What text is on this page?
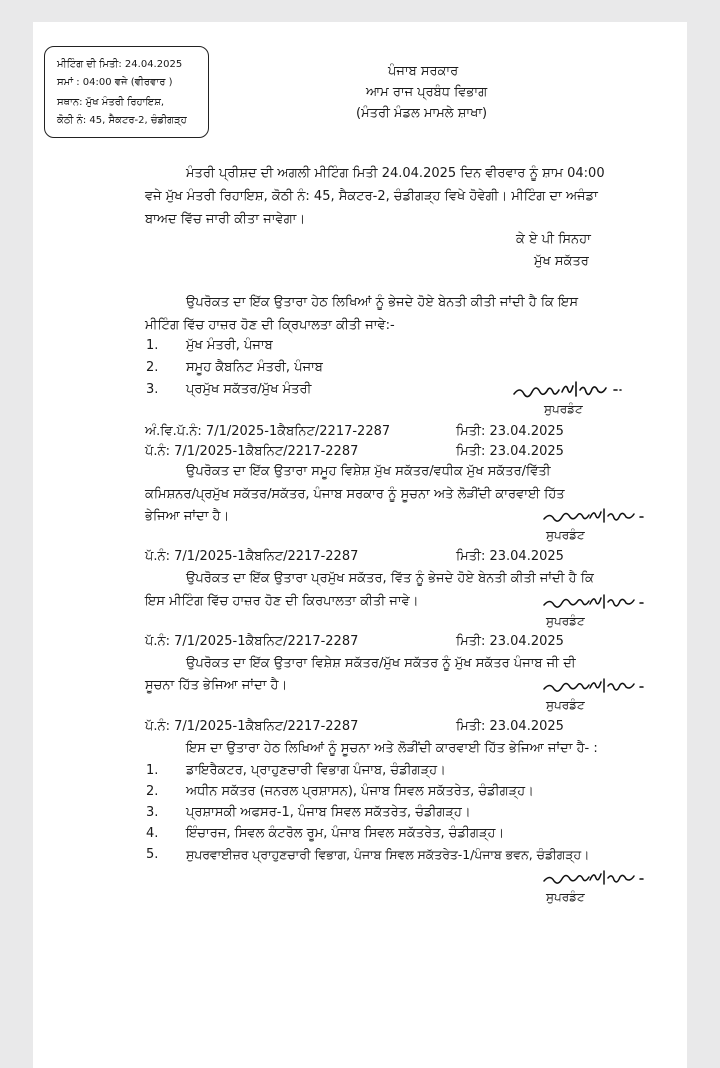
ਮੀਟਿੰਗ ਦੀ ਮਿਤੀ: 24.04.2025
ਸਮਾਂ : 04:00 ਵਜੇ (ਵੀਰਵਾਰ )
ਸਥਾਨ: ਮੁੱਖ ਮੰਤਰੀ ਰਿਹਾਇਸ਼,
ਕੋਠੀ ਨੰ: 45, ਸੈਕਟਰ-2, ਚੰਡੀਗੜ੍ਹ
ਪੰਜਾਬ ਸਰਕਾਰ
ਆਮ ਰਾਜ ਪ੍ਰਬੰਧ ਵਿਭਾਗ
(ਮੰਤਰੀ ਮੰਡਲ ਮਾਮਲੇ ਸ਼ਾਖਾ)
ਮੰਤਰੀ ਪ੍ਰੀਸ਼ਦ ਦੀ ਅਗਲੀ ਮੀਟਿੰਗ ਮਿਤੀ 24.04.2025 ਦਿਨ ਵੀਰਵਾਰ ਨੂੰ ਸ਼ਾਮ 04:00
ਵਜੇ ਮੁੱਖ ਮੰਤਰੀ ਰਿਹਾਇਸ਼, ਕੋਠੀ ਨੰ: 45, ਸੈਕਟਰ-2, ਚੰਡੀਗੜ੍ਹ ਵਿਖੇ ਹੋਵੇਗੀ। ਮੀਟਿੰਗ ਦਾ ਅਜੰਡਾ
ਬਾਅਦ ਵਿੱਚ ਜਾਰੀ ਕੀਤਾ ਜਾਵੇਗਾ।
ਕੇ ਏ ਪੀ ਸਿਨਹਾ
ਮੁੱਖ ਸਕੱਤਰ
ਉਪਰੋਕਤ ਦਾ ਇੱਕ ਉਤਾਰਾ ਹੇਠ ਲਿਖਿਆਂ ਨੂੰ ਭੇਜਦੇ ਹੋਏ ਬੇਨਤੀ ਕੀਤੀ ਜਾਂਦੀ ਹੈ ਕਿ ਇਸ
ਮੀਟਿੰਗ ਵਿੱਚ ਹਾਜ਼ਰ ਹੋਣ ਦੀ ਕ੍ਰਿਪਾਲਤਾ ਕੀਤੀ ਜਾਵੇ:-
1. ਮੁੱਖ ਮੰਤਰੀ, ਪੰਜਾਬ
2. ਸਮੂਹ ਕੈਬਨਿਟ ਮੰਤਰੀ, ਪੰਜਾਬ
3. ਪ੍ਰਮੁੱਖ ਸਕੱਤਰ/ਮੁੱਖ ਮੰਤਰੀ
ਸੁਪਰਡੰਟ
ਅੰ.ਵਿ.ਪੱ.ਨੰ: 7/1/2025-1ਕੈਬਨਿਟ/2217-2287	ਮਿਤੀ: 23.04.2025
ਪੱ.ਨੰ: 7/1/2025-1ਕੈਬਨਿਟ/2217-2287	ਮਿਤੀ: 23.04.2025
ਉਪਰੋਕਤ ਦਾ ਇੱਕ ਉਤਾਰਾ ਸਮੂਹ ਵਿਸ਼ੇਸ਼ ਮੁੱਖ ਸਕੱਤਰ/ਵਧੀਕ ਮੁੱਖ ਸਕੱਤਰ/ਵਿੱਤੀ
ਕਮਿਸ਼ਨਰ/ਪ੍ਰਮੁੱਖ ਸਕੱਤਰ/ਸਕੱਤਰ, ਪੰਜਾਬ ਸਰਕਾਰ ਨੂੰ ਸੂਚਨਾ ਅਤੇ ਲੋੜੀਂਦੀ ਕਾਰਵਾਈ ਹਿੱਤ
ਭੇਜਿਆ ਜਾਂਦਾ ਹੈ।
ਸੁਪਰਡੰਟ
ਪੱ.ਨੰ: 7/1/2025-1ਕੈਬਨਿਟ/2217-2287	ਮਿਤੀ: 23.04.2025
ਉਪਰੋਕਤ ਦਾ ਇੱਕ ਉਤਾਰਾ ਪ੍ਰਮੁੱਖ ਸਕੱਤਰ, ਵਿੱਤ ਨੂੰ ਭੇਜਦੇ ਹੋਏ ਬੇਨਤੀ ਕੀਤੀ ਜਾਂਦੀ ਹੈ ਕਿ
ਇਸ ਮੀਟਿੰਗ ਵਿੱਚ ਹਾਜ਼ਰ ਹੋਣ ਦੀ ਕਿਰਪਾਲਤਾ ਕੀਤੀ ਜਾਵੇ।
ਸੁਪਰਡੰਟ
ਪੱ.ਨੰ: 7/1/2025-1ਕੈਬਨਿਟ/2217-2287	ਮਿਤੀ: 23.04.2025
ਉਪਰੋਕਤ ਦਾ ਇੱਕ ਉਤਾਰਾ ਵਿਸ਼ੇਸ਼ ਸਕੱਤਰ/ਮੁੱਖ ਸਕੱਤਰ ਨੂੰ ਮੁੱਖ ਸਕੱਤਰ ਪੰਜਾਬ ਜੀ ਦੀ
ਸੂਚਨਾ ਹਿੱਤ ਭੇਜਿਆ ਜਾਂਦਾ ਹੈ।
ਸੁਪਰਡੰਟ
ਪੱ.ਨੰ: 7/1/2025-1ਕੈਬਨਿਟ/2217-2287	ਮਿਤੀ: 23.04.2025
ਇਸ ਦਾ ਉਤਾਰਾ ਹੇਠ ਲਿਖਿਆਂ ਨੂੰ ਸੂਚਨਾ ਅਤੇ ਲੋੜੀਂਦੀ ਕਾਰਵਾਈ ਹਿੱਤ ਭੇਜਿਆ ਜਾਂਦਾ ਹੈ- :
1. ਡਾਇਰੈਕਟਰ, ਪ੍ਰਾਹੁਣਚਾਰੀ ਵਿਭਾਗ ਪੰਜਾਬ, ਚੰਡੀਗੜ੍ਹ।
2. ਅਧੀਨ ਸਕੱਤਰ (ਜਨਰਲ ਪ੍ਰਸ਼ਾਸਨ), ਪੰਜਾਬ ਸਿਵਲ ਸਕੱਤਰੇਤ, ਚੰਡੀਗੜ੍ਹ।
3. ਪ੍ਰਸ਼ਾਸਕੀ ਅਫਸਰ-1, ਪੰਜਾਬ ਸਿਵਲ ਸਕੱਤਰੇਤ, ਚੰਡੀਗੜ੍ਹ।
4. ਇੰਚਾਰਜ, ਸਿਵਲ ਕੰਟਰੋਲ ਰੂਮ, ਪੰਜਾਬ ਸਿਵਲ ਸਕੱਤਰੇਤ, ਚੰਡੀਗੜ੍ਹ।
5. ਸੁਪਰਵਾਈਜ਼ਰ ਪ੍ਰਾਹੁਣਚਾਰੀ ਵਿਭਾਗ, ਪੰਜਾਬ ਸਿਵਲ ਸਕੱਤਰੇਤ-1/ਪੰਜਾਬ ਭਵਨ, ਚੰਡੀਗੜ੍ਹ।
ਸੁਪਰਡੰਟ
